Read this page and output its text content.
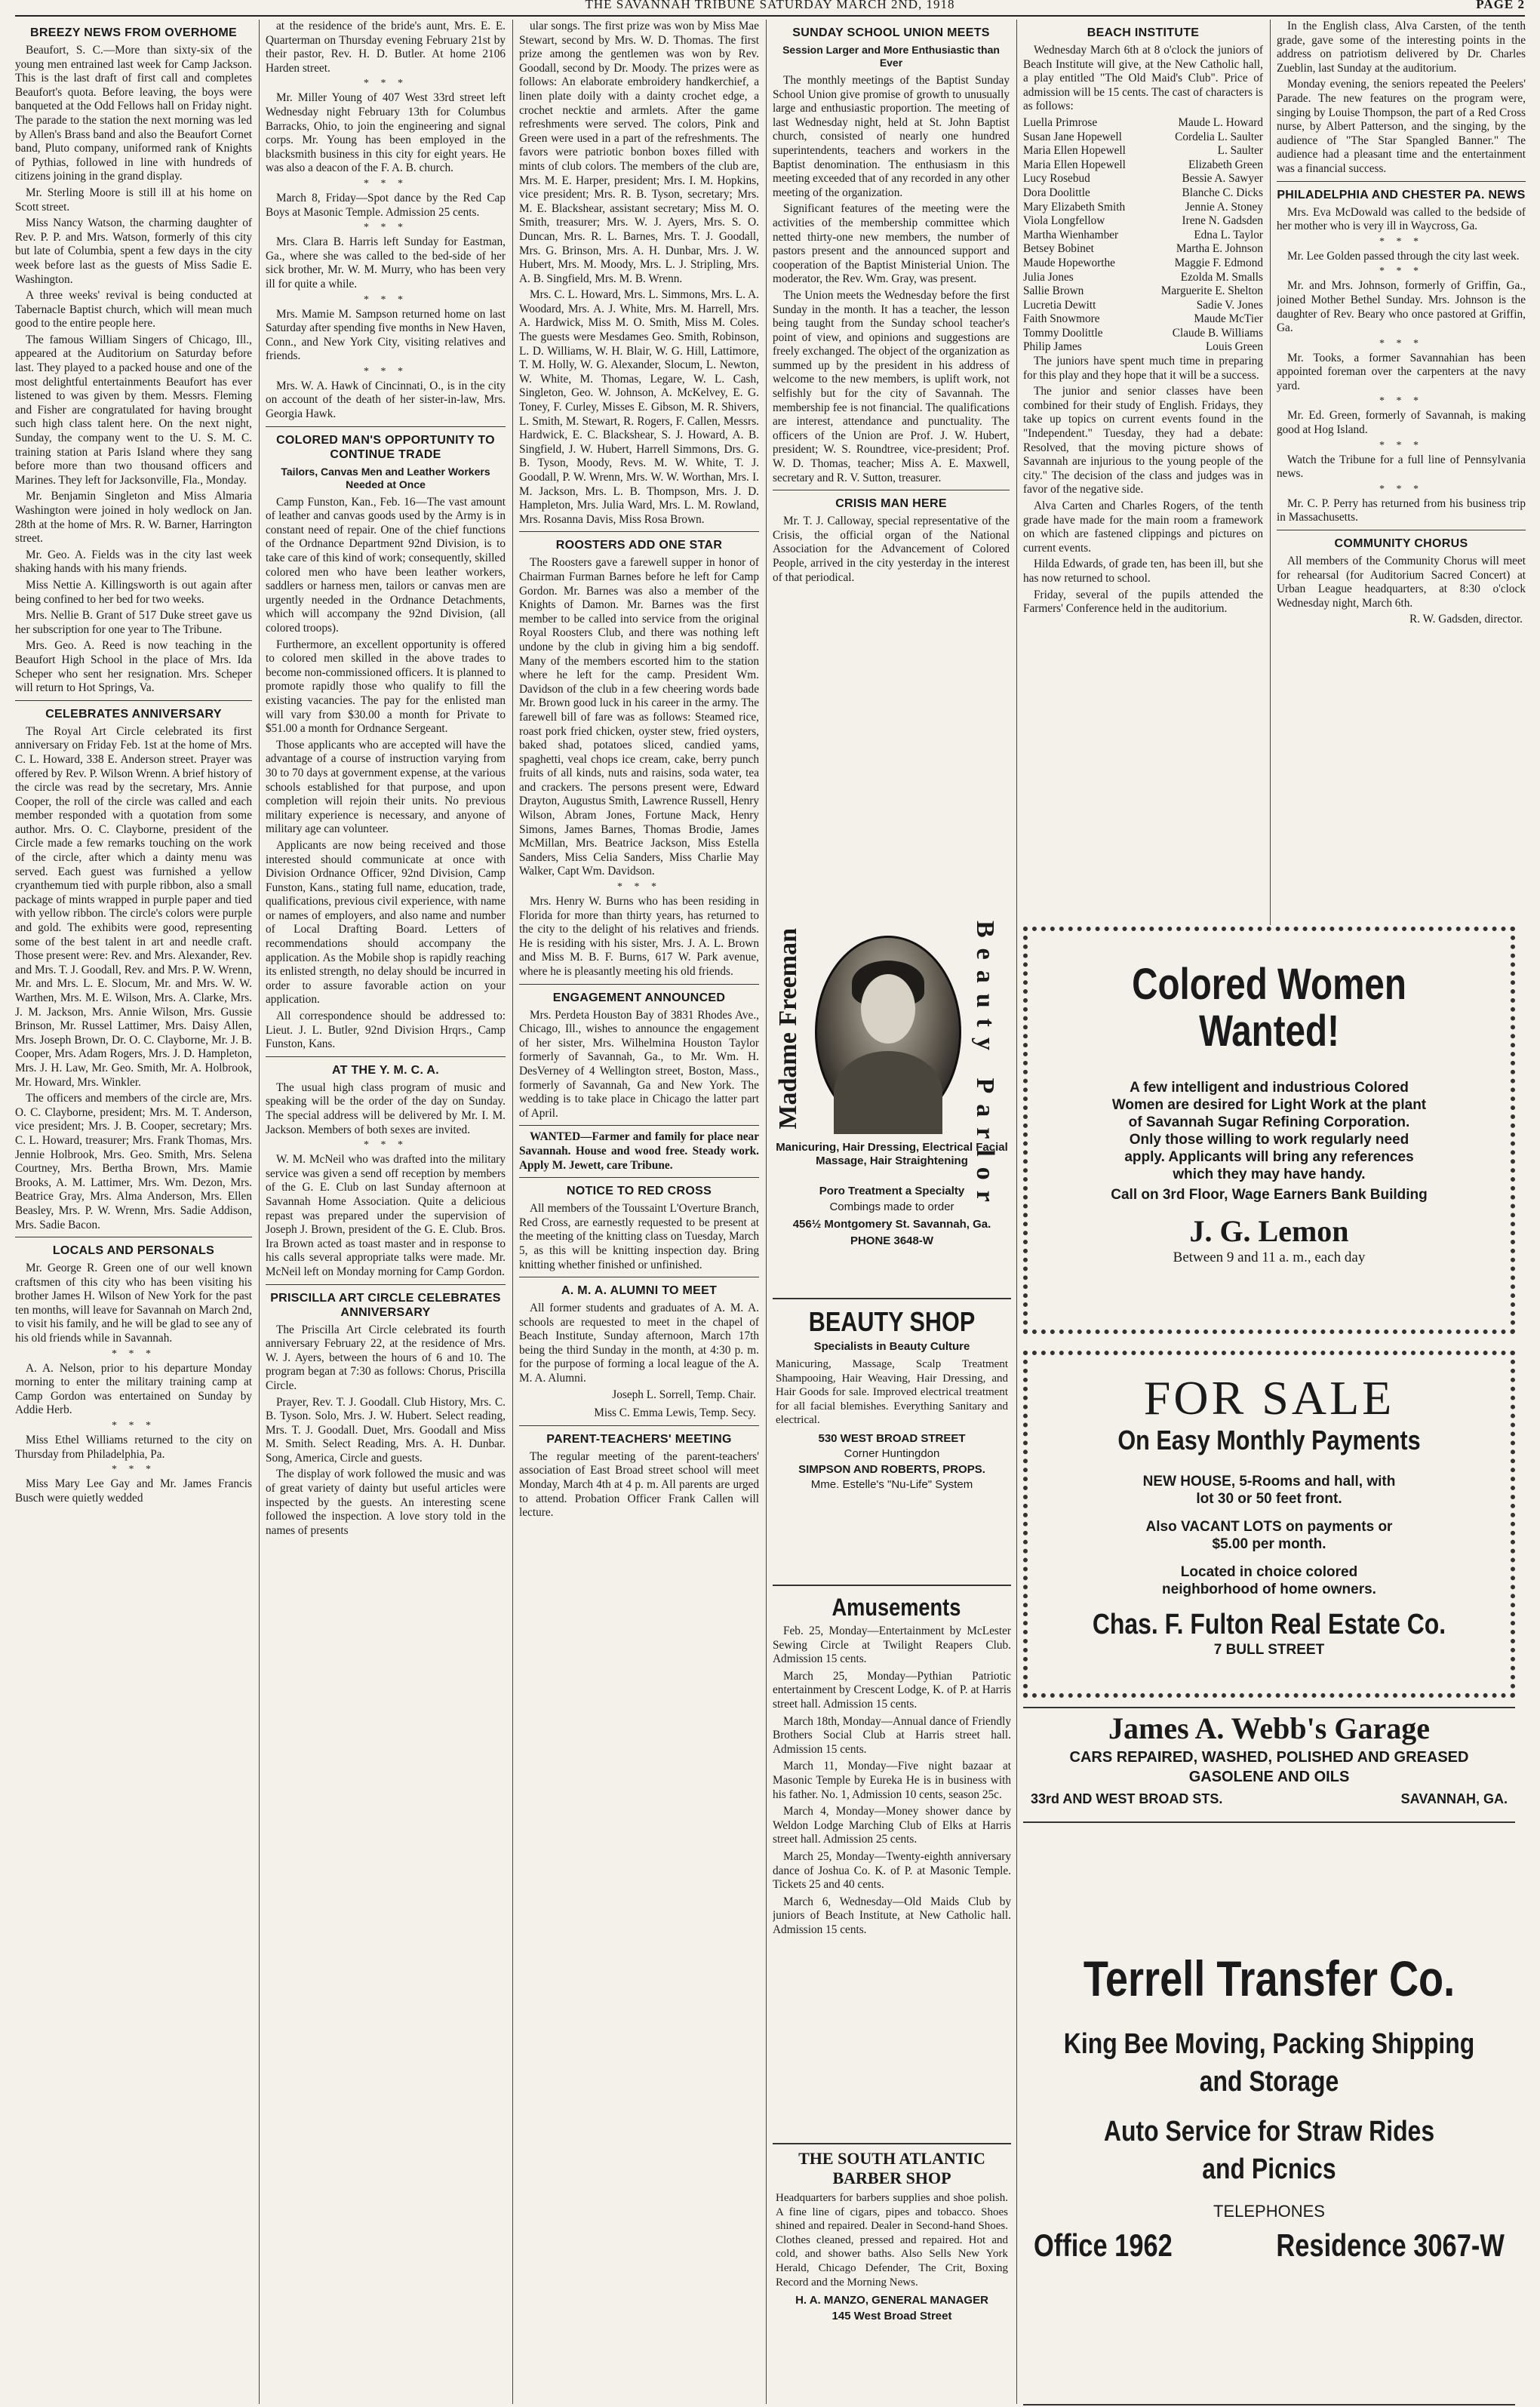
THE SAVANNAH TRIBUNE SATURDAY MARCH 2ND, 1918	PAGE 2
BREEZY NEWS FROM OVERHOME

Beaufort, S. C.—More than sixty-six of the young men entrained last week for Camp Jackson. This is the last draft of first call and completes Beaufort's quota. Before leaving, the boys were banqueted at the Odd Fellows hall on Friday night. The parade to the station the next morning was led by Allen's Brass band and also the Beaufort Cornet band, Pluto company, uniformed rank of Knights of Pythias, followed in line with hundreds of citizens joining in the grand display.

Mr. Sterling Moore is still ill at his home on Scott street.

Miss Nancy Watson, the charming daughter of Rev. P. P. and Mrs. Watson, formerly of this city but late of Columbia, spent a few days in the city week before last as the guests of Miss Sadie E. Washington.

A three weeks' revival is being conducted at Tabernacle Baptist church, which will mean much good to the entire people here.

The famous William Singers of Chicago, Ill., appeared at the Auditorium on Saturday before last. They played to a packed house and one of the most delightful entertainments Beaufort has ever listened to was given by them. Messrs. Fleming and Fisher are congratulated for having brought such high class talent here. On the next night, Sunday, the company went to the U. S. M. C. training station at Paris Island where they sang before more than two thousand officers and Marines. They left for Jacksonville, Fla., Monday.

Mr. Benjamin Singleton and Miss Almaria Washington were joined in holy wedlock on Jan. 28th at the home of Mrs. R. W. Barner, Harrington street.

Mr. Geo. A. Fields was in the city last week shaking hands with his many friends.

Miss Nettie A. Killingsworth is out again after being confined to her bed for two weeks.

Mrs. Nellie B. Grant of 517 Duke street gave us her subscription for one year to The Tribune.

Mrs. Geo. A. Reed is now teaching in the Beaufort High School in the place of Mrs. Ida Scheper who sent her resignation. Mrs. Scheper will return to Hot Springs, Va.

CELEBRATES ANNIVERSARY

The Royal Art Circle celebrated its first anniversary on Friday Feb. 1st at the home of Mrs. C. L. Howard, 338 E. Anderson street. Prayer was offered by Rev. P. Wilson Wrenn. A brief history of the circle was read by the secretary, Mrs. Annie Cooper, the roll of the circle was called and each member responded with a quotation from some author. Mrs. O. C. Clayborne, president of the Circle made a few remarks touching on the work of the circle, after which a dainty menu was served. Each guest was furnished a yellow cryanthemum tied with purple ribbon, also a small package of mints wrapped in purple paper and tied with yellow ribbon. The circle's colors were purple and gold. The exhibits were good, representing some of the best talent in art and needle craft. Those present were: Rev. and Mrs. Alexander, Rev. and Mrs. T. J. Goodall, Rev. and Mrs. P. W. Wrenn, Mr. and Mrs. L. E. Slocum, Mr. and Mrs. W. W. Warthen, Mrs. M. E. Wilson, Mrs. A. Clarke, Mrs. J. M. Jackson, Mrs. Annie Wilson, Mrs. Gussie Brinson, Mr. Russel Lattimer, Mrs. Daisy Allen, Mrs. Joseph Brown, Dr. O. C. Clayborne, Mr. J. B. Cooper, Mrs. Adam Rogers, Mrs. J. D. Hampleton, Mrs. J. H. Law, Mr. Geo. Smith, Mr. A. Holbrook, Mr. Howard, Mrs. Winkler.

The officers and members of the circle are, Mrs. O. C. Clayborne, president; Mrs. M. T. Anderson, vice president; Mrs. J. B. Cooper, secretary; Mrs. C. L. Howard, treasurer; Mrs. Frank Thomas, Mrs. Jennie Holbrook, Mrs. Geo. Smith, Mrs. Selena Courtney, Mrs. Bertha Brown, Mrs. Mamie Brooks, A. M. Lattimer, Mrs. Wm. Dezon, Mrs. Beatrice Gray, Mrs. Alma Anderson, Mrs. Ellen Beasley, Mrs. P. W. Wrenn, Mrs. Sadie Addison, Mrs. Sadie Bacon.

LOCALS AND PERSONALS

Mr. George R. Green one of our well known craftsmen of this city who has been visiting his brother James H. Wilson of New York for the past ten months, will leave for Savannah on March 2nd, to visit his family, and he will be glad to see any of his old friends while in Savannah.

* * *

A. A. Nelson, prior to his departure Monday morning to enter the military training camp at Camp Gordon was entertained on Sunday by Addie Herb.

* * *

Miss Ethel Williams returned to the city on Thursday from Philadelphia, Pa.

* * *

Miss Mary Lee Gay and Mr. James Francis Busch were quietly wedded

at the residence of the bride's aunt, Mrs. E. E. Quarterman on Thursday evening February 21st by their pastor, Rev. H. D. Butler. At home 2106 Harden street.

* * *

Mr. Miller Young of 407 West 33rd street left Wednesday night February 13th for Columbus Barracks, Ohio, to join the engineering and signal corps. Mr. Young has been employed in the blacksmith business in this city for eight years. He was also a deacon of the F. A. B. church.

* * *

March 8, Friday—Spot dance by the Red Cap Boys at Masonic Temple. Admission 25 cents.

* * *

Mrs. Clara B. Harris left Sunday for Eastman, Ga., where she was called to the bed-side of her sick brother, Mr. W. M. Murry, who has been very ill for quite a while.

* * *

Mrs. Mamie M. Sampson returned home on last Saturday after spending five months in New Haven, Conn., and New York City, visiting relatives and friends.

* * *

Mrs. W. A. Hawk of Cincinnati, O., is in the city on account of the death of her sister-in-law, Mrs. Georgia Hawk.

COLORED MAN'S OPPORTUNITY TO CONTINUE TRADE
Tailors, Canvas Men and Leather Workers Needed at Once

Camp Funston, Kan., Feb. 16—The vast amount of leather and canvas goods used by the Army is in constant need of repair. One of the chief functions of the Ordnance Department 92nd Division, is to take care of this kind of work; consequently, skilled colored men who have been leather workers, saddlers or harness men, tailors or canvas men are urgently needed in the Ordnance Detachments, which will accompany the 92nd Division, (all colored troops).

Furthermore, an excellent opportunity is offered to colored men skilled in the above trades to become non-commissioned officers. It is planned to promote rapidly those who qualify to fill the existing vacancies. The pay for the enlisted man will vary from $30.00 a month for Private to $51.00 a month for Ordnance Sergeant.

Those applicants who are accepted will have the advantage of a course of instruction varying from 30 to 70 days at government expense, at the various schools established for that purpose, and upon completion will rejoin their units. No previous military experience is necessary, and anyone of military age can volunteer.

Applicants are now being received and those interested should communicate at once with Division Ordnance Officer, 92nd Division, Camp Funston, Kans., stating full name, education, trade, qualifications, previous civil experience, with name or names of employers, and also name and number of Local Drafting Board. Letters of recommendations should accompany the application. As the Mobile shop is rapidly reaching its enlisted strength, no delay should be incurred in order to assure favorable action on your application.

All correspondence should be addressed to: Lieut. J. L. Butler, 92nd Division Hrqrs., Camp Funston, Kans.

AT THE Y. M. C. A.

The usual high class program of music and speaking will be the order of the day on Sunday. The special address will be delivered by Mr. I. M. Jackson. Members of both sexes are invited.

* * *

W. M. McNeil who was drafted into the military service was given a send off reception by members of the G. E. Club on last Sunday afternoon at Savannah Home Association. Quite a delicious repast was prepared under the supervision of Joseph J. Brown, president of the G. E. Club. Bros. Ira Brown acted as toast master and in response to his calls several appropriate talks were made. Mr. McNeil left on Monday morning for Camp Gordon.

PRISCILLA ART CIRCLE CELEBRATES ANNIVERSARY

The Priscilla Art Circle celebrated its fourth anniversary February 22, at the residence of Mrs. W. J. Ayers, between the hours of 6 and 10. The program began at 7:30 as follows: Chorus, Priscilla Circle.

Prayer, Rev. T. J. Goodall. Club History, Mrs. C. B. Tyson. Solo, Mrs. J. W. Hubert. Select reading, Mrs. T. J. Goodall. Duet, Mrs. Goodall and Miss M. Smith. Select Reading, Mrs. A. H. Dunbar. Song, America, Circle and guests.

The display of work followed the music and was of great variety of dainty but useful articles were inspected by the guests. An interesting scene followed the inspection. A love story told in the names of presents

ular songs. The first prize was won by Miss Mae Stewart, second by Mrs. W. D. Thomas. The first prize among the gentlemen was won by Rev. Goodall, second by Dr. Moody. The prizes were as follows: An elaborate embroidery handkerchief, a linen plate doily with a dainty crochet edge, a crochet necktie and armlets. After the game refreshments were served. The colors, Pink and Green were used in a part of the refreshments. The favors were patriotic bonbon boxes filled with mints of club colors. The members of the club are, Mrs. M. E. Harper, president; Mrs. I. M. Hopkins, vice president; Mrs. R. B. Tyson, secretary; Mrs. M. E. Blackshear, assistant secretary; Miss M. O. Smith, treasurer; Mrs. W. J. Ayers, Mrs. S. O. Duncan, Mrs. R. L. Barnes, Mrs. T. J. Goodall, Mrs. G. Brinson, Mrs. A. H. Dunbar, Mrs. J. W. Hubert, Mrs. M. Moody, Mrs. L. J. Stripling, Mrs. A. B. Singfield, Mrs. M. B. Wrenn.

Mrs. C. L. Howard, Mrs. L. Simmons, Mrs. L. A. Woodard, Mrs. A. J. White, Mrs. M. Harrell, Mrs. A. Hardwick, Miss M. O. Smith, Miss M. Coles. The guests were Mesdames Geo. Smith, Robinson, L. D. Williams, W. H. Blair, W. G. Hill, Lattimore, T. M. Holly, W. G. Alexander, Slocum, L. Newton, W. White, M. Thomas, Legare, W. L. Cash, Singleton, Geo. W. Johnson, A. McKelvey, E. G. Toney, F. Curley, Misses E. Gibson, M. R. Shivers, L. Smith, M. Stewart, R. Rogers, F. Callen, Messrs. Hardwick, E. C. Blackshear, S. J. Howard, A. B. Singfield, J. W. Hubert, Harrell Simmons, Drs. G. B. Tyson, Moody, Revs. M. W. White, T. J. Goodall, P. W. Wrenn, Mrs. W. W. Worthan, Mrs. I. M. Jackson, Mrs. L. B. Thompson, Mrs. J. D. Hampleton, Mrs. Julia Ward, Mrs. L. M. Rowland, Mrs. Rosanna Davis, Miss Rosa Brown.

ROOSTERS ADD ONE STAR

The Roosters gave a farewell supper in honor of Chairman Furman Barnes before he left for Camp Gordon. Mr. Barnes was also a member of the Knights of Damon. Mr. Barnes was the first member to be called into service from the original Royal Roosters Club, and there was nothing left undone by the club in giving him a big sendoff. Many of the members escorted him to the station where he left for the camp. President Wm. Davidson of the club in a few cheering words bade Mr. Brown good luck in his career in the army. The farewell bill of fare was as follows: Steamed rice, roast pork fried chicken, oyster stew, fried oysters, baked shad, potatoes sliced, candied yams, spaghetti, veal chops ice cream, cake, berry punch fruits of all kinds, nuts and raisins, soda water, tea and crackers. The persons present were, Edward Drayton, Augustus Smith, Lawrence Russell, Henry Wilson, Abram Jones, Fortune Mack, Henry Simons, James Barnes, Thomas Brodie, James McMillan, Mrs. Beatrice Jackson, Miss Estella Sanders, Miss Celia Sanders, Miss Charlie May Walker, Capt Wm. Davidson.

* * *

Mrs. Henry W. Burns who has been residing in Florida for more than thirty years, has returned to the city to the delight of his relatives and friends. He is residing with his sister, Mrs. J. A. L. Brown and Miss M. B. F. Burns, 617 W. Park avenue, where he is pleasantly meeting his old friends.

ENGAGEMENT ANNOUNCED

Mrs. Perdeta Houston Bay of 3831 Rhodes Ave., Chicago, Ill., wishes to announce the engagement of her sister, Mrs. Wilhelmina Houston Taylor formerly of Savannah, Ga., to Mr. Wm. H. DesVerney of 4 Wellington street, Boston, Mass., formerly of Savannah, Ga and New York. The wedding is to take place in Chicago the latter part of April.

WANTED—Farmer and family for place near Savannah. House and wood free. Steady work. Apply M. Jewett, care Tribune.

NOTICE TO RED CROSS

All members of the Toussaint L'Overture Branch, Red Cross, are earnestly requested to be present at the meeting of the knitting class on Tuesday, March 5, as this will be knitting inspection day. Bring knitting whether finished or unfinished.

A. M. A. ALUMNI TO MEET

All former students and graduates of A. M. A. schools are requested to meet in the chapel of Beach Institute, Sunday afternoon, March 17th being the third Sunday in the month, at 4:30 p. m. for the purpose of forming a local league of the A. M. A. Alumni.

Joseph L. Sorrell, Temp. Chair.
Miss C. Emma Lewis, Temp. Secy.
PARENT-TEACHERS' MEETING

The regular meeting of the parent-teachers' association of East Broad street school will meet Monday, March 4th at 4 p. m. All parents are urged to attend. Probation Officer Frank Callen will lecture.

SUNDAY SCHOOL UNION MEETS
Session Larger and More Enthusiastic than Ever

The monthly meetings of the Baptist Sunday School Union give promise of growth to unusually large and enthusiastic proportion. The meeting of last Wednesday night, held at St. John Baptist church, consisted of nearly one hundred superintendents, teachers and workers in the Baptist denomination. The enthusiasm in this meeting exceeded that of any recorded in any other meeting of the organization.

Significant features of the meeting were the activities of the membership committee which netted thirty-one new members, the number of pastors present and the announced support and cooperation of the Baptist Ministerial Union. The moderator, the Rev. Wm. Gray, was present.

The Union meets the Wednesday before the first Sunday in the month. It has a teacher, the lesson being taught from the Sunday school teacher's point of view, and opinions and suggestions are freely exchanged. The object of the organization as summed up by the president in his address of welcome to the new members, is uplift work, not selfishly but for the city of Savannah. The membership fee is not financial. The qualifications are interest, attendance and punctuality. The officers of the Union are Prof. J. W. Hubert, president; W. S. Roundtree, vice-president; Prof. W. D. Thomas, teacher; Miss A. E. Maxwell, secretary and R. V. Sutton, treasurer.

CRISIS MAN HERE

Mr. T. J. Calloway, special representative of the Crisis, the official organ of the National Association for the Advancement of Colored People, arrived in the city yesterday in the interest of that periodical.

BEACH INSTITUTE

Wednesday March 6th at 8 o'clock the juniors of Beach Institute will give, at the New Catholic hall, a play entitled "The Old Maid's Club". Price of admission will be 15 cents. The cast of characters is as follows:

Luella Primrose	Maude L. Howard
Susan Jane Hopewell	Cordelia L. Saulter
Maria Ellen Hopewell	L. Saulter
Maria Ellen Hopewell	Elizabeth Green
Lucy Rosebud	Bessie A. Sawyer
Dora Doolittle	Blanche C. Dicks
Mary Elizabeth Smith	Jennie A. Stoney
Viola Longfellow	Irene N. Gadsden
Martha Wienhamber	Edna L. Taylor
Betsey Bobinet	Martha E. Johnson
Maude Hopeworthe	Maggie F. Edmond
Julia Jones	Ezolda M. Smalls
Sallie Brown	Marguerite E. Shelton
Lucretia Dewitt	Sadie V. Jones
Faith Snowmore	Maude McTier
Tommy Doolittle	Claude B. Williams
Philip James	Louis Green

The juniors have spent much time in preparing for this play and they hope that it will be a success.

The junior and senior classes have been combined for their study of English. Fridays, they take up topics on current events found in the "Independent." Tuesday, they had a debate: Resolved, that the moving picture shows of Savannah are injurious to the young people of the city." The decision of the class and judges was in favor of the negative side.

Alva Carten and Charles Rogers, of the tenth grade have made for the main room a framework on which are fastened clippings and pictures on current events.

Hilda Edwards, of grade ten, has been ill, but she has now returned to school.

Friday, several of the pupils attended the Farmers' Conference held in the auditorium.

In the English class, Alva Carsten, of the tenth grade, gave some of the interesting points in the address on patriotism delivered by Dr. Charles Zueblin, last Sunday at the auditorium.

Monday evening, the seniors repeated the Peelers' Parade. The new features on the program were, singing by Louise Thompson, the part of a Red Cross nurse, by Albert Patterson, and the singing, by the audience of "The Star Spangled Banner." The audience had a pleasant time and the entertainment was a financial success.

PHILADELPHIA AND CHESTER PA. NEWS

Mrs. Eva McDowald was called to the bedside of her mother who is very ill in Waycross, Ga.

* * *

Mr. Lee Golden passed through the city last week.

* * *

Mr. and Mrs. Johnson, formerly of Griffin, Ga., joined Mother Bethel Sunday. Mrs. Johnson is the daughter of Rev. Beary who once pastored at Griffin, Ga.

* * *

Mr. Tooks, a former Savannahian has been appointed foreman over the carpenters at the navy yard.

* * *

Mr. Ed. Green, formerly of Savannah, is making good at Hog Island.

* * *

Watch the Tribune for a full line of Pennsylvania news.

* * *

Mr. C. P. Perry has returned from his business trip in Massachusetts.

COMMUNITY CHORUS

All members of the Community Chorus will meet for rehearsal (for Auditorium Sacred Concert) at Urban League headquarters, at 8:30 o'clock Wednesday night, March 6th.

R. W. Gadsden, director.
Madame Freeman	Beauty Parlor

Manicuring, Hair Dressing, Electrical Facial Massage, Hair Straightening

Poro Treatment a Specialty

Combings made to order

456½ Montgomery St. Savannah, Ga.

PHONE 3648-W

BEAUTY SHOP

Specialists in Beauty Culture

Manicuring, Massage, Scalp Treatment Shampooing, Hair Weaving, Hair Dressing, and Hair Goods for sale. Improved electrical treatment for all facial blemishes. Everything Sanitary and electrical.

530 WEST BROAD STREET

Corner Huntingdon

SIMPSON AND ROBERTS, PROPS.

Mme. Estelle's "Nu-Life" System

Amusements

Feb. 25, Monday—Entertainment by McLester Sewing Circle at Twilight Reapers Club. Admission 15 cents.

March 25, Monday—Pythian Patriotic entertainment by Crescent Lodge, K. of P. at Harris street hall. Admission 15 cents.

March 18th, Monday—Annual dance of Friendly Brothers Social Club at Harris street hall. Admission 15 cents.

March 11, Monday—Five night bazaar at Masonic Temple by Eureka He is in business with his father. No. 1, Admission 10 cents, season 25c.

March 4, Monday—Money shower dance by Weldon Lodge Marching Club of Elks at Harris street hall. Admission 25 cents.

March 25, Monday—Twenty-eighth anniversary dance of Joshua Co. K. of P. at Masonic Temple. Tickets 25 and 40 cents.

March 6, Wednesday—Old Maids Club by juniors of Beach Institute, at New Catholic hall. Admission 15 cents.

THE SOUTH ATLANTIC BARBER SHOP

Headquarters for barbers supplies and shoe polish. A fine line of cigars, pipes and tobacco. Shoes shined and repaired. Dealer in Second-hand Shoes. Clothes cleaned, pressed and repaired. Hot and cold, and shower baths. Also Sells New York Herald, Chicago Defender, The Crit, Boxing Record and the Morning News.

H. A. MANZO, GENERAL MANAGER

145 West Broad Street

Colored Women

Wanted!

A few intelligent and industrious Colored Women are desired for Light Work at the plant of Savannah Sugar Refining Corporation. Only those willing to work regularly need apply. Applicants will bring any references which they may have handy.

Call on 3rd Floor, Wage Earners Bank Building

J. G. Lemon

Between 9 and 11 a. m., each day

FOR SALE

On Easy Monthly Payments

NEW HOUSE, 5-Rooms and hall, with lot 30 or 50 feet front.

Also VACANT LOTS on payments or $5.00 per month.

Located in choice colored neighborhood of home owners.

Chas. F. Fulton Real Estate Co.

7 BULL STREET

James A. Webb's Garage

CARS REPAIRED, WASHED, POLISHED AND GREASED

GASOLENE AND OILS

33rd AND WEST BROAD STS.	SAVANNAH, GA.

Terrell Transfer Co.

King Bee Moving, Packing Shipping

and Storage

Auto Service for Straw Rides

and Picnics

TELEPHONES

Office 1962	Residence 3067-W
